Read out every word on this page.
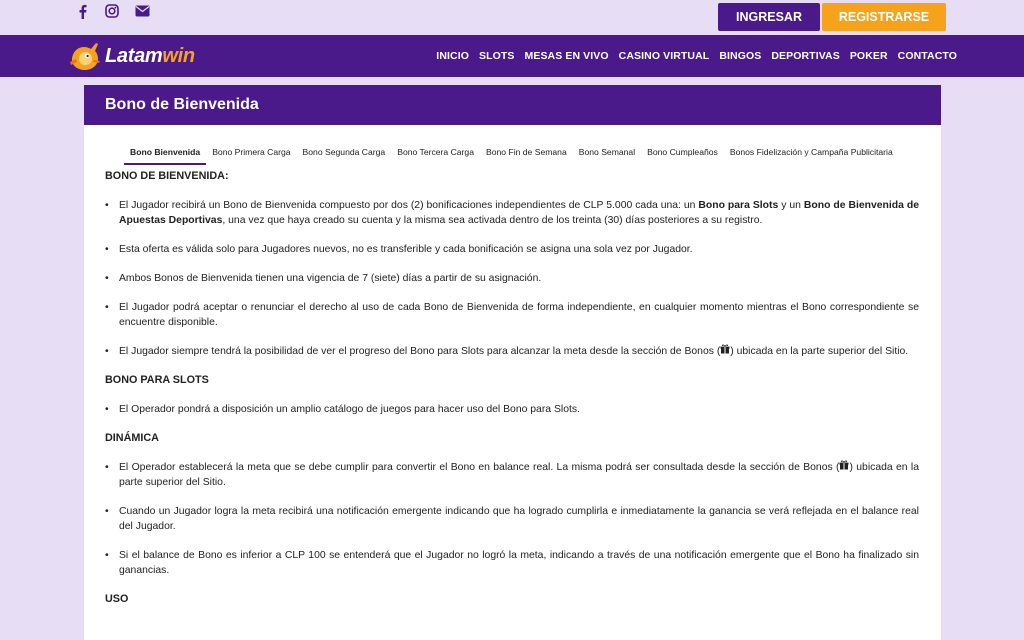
INGRESAR	REGISTRARSE
Latamwin	INICIO SLOTS MESAS EN VIVO CASINO VIRTUAL BINGOS DEPORTIVAS POKER CONTACTO
Bono de Bienvenida
Bono Bienvenida	Bono Primera Carga	Bono Segunda Carga	Bono Tercera Carga	Bono Fin de Semana	Bono Semanal	Bono Cumpleaños	Bonos Fidelización y Campaña Publicitaria
BONO DE BIENVENIDA:
• El Jugador recibirá un Bono de Bienvenida compuesto por dos (2) bonificaciones independientes de CLP 5.000 cada una: un Bono para Slots y un Bono de Bienvenida de Apuestas Deportivas, una vez que haya creado su cuenta y la misma sea activada dentro de los treinta (30) días posteriores a su registro.
• Esta oferta es válida solo para Jugadores nuevos, no es transferible y cada bonificación se asigna una sola vez por Jugador.
• Ambos Bonos de Bienvenida tienen una vigencia de 7 (siete) días a partir de su asignación.
• El Jugador podrá aceptar o renunciar el derecho al uso de cada Bono de Bienvenida de forma independiente, en cualquier momento mientras el Bono correspondiente se encuentre disponible.
• El Jugador siempre tendrá la posibilidad de ver el progreso del Bono para Slots para alcanzar la meta desde la sección de Bonos ( ) ubicada en la parte superior del Sitio.
BONO PARA SLOTS
• El Operador pondrá a disposición un amplio catálogo de juegos para hacer uso del Bono para Slots.
DINÁMICA
• El Operador establecerá la meta que se debe cumplir para convertir el Bono en balance real. La misma podrá ser consultada desde la sección de Bonos ( ) ubicada en la parte superior del Sitio.
• Cuando un Jugador logra la meta recibirá una notificación emergente indicando que ha logrado cumplirla e inmediatamente la ganancia se verá reflejada en el balance real del Jugador.
• Si el balance de Bono es inferior a CLP 100 se entenderá que el Jugador no logró la meta, indicando a través de una notificación emergente que el Bono ha finalizado sin ganancias.
USO
